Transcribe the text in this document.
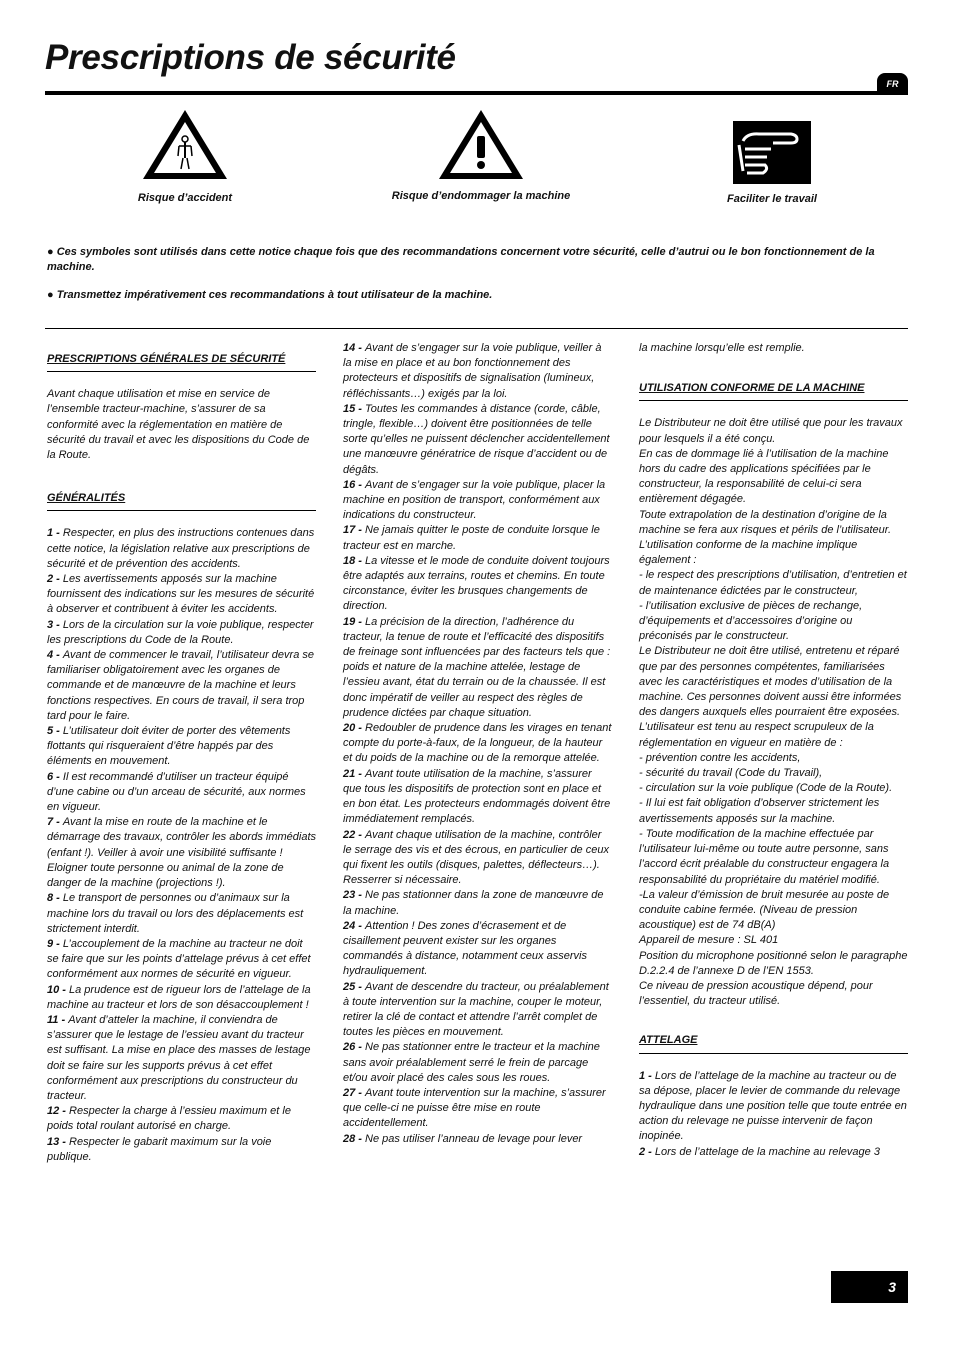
Prescriptions de sécurité
FR
Risque d’accident	Risque d’endommager la machine	Faciliter le travail

● Ces symboles sont utilisés dans cette notice chaque fois que des recommandations concernent votre sécurité, celle d’autrui ou le bon fonctionnement de la machine.

● Transmettez impérativement ces recommandations à tout utilisateur de la machine.

PRESCRIPTIONS GÉNÉRALES DE SÉCURITÉ

Avant chaque utilisation et mise en service de l’ensemble tracteur-machine, s’assurer de sa conformité avec la réglementation en matière de sécurité du travail et avec les dispositions du Code de la Route.

GÉNÉRALITÉS

1 - Respecter, en plus des instructions contenues dans cette notice, la législation relative aux prescriptions de sécurité et de prévention des accidents.

2 - Les avertissements apposés sur la machine fournissent des indications sur les mesures de sécurité à observer et contribuent à éviter les accidents.

3 - Lors de la circulation sur la voie publique, respecter les prescriptions du Code de la Route.

4 - Avant de commencer le travail, l’utilisateur devra se familiariser obligatoirement avec les organes de commande et de manœuvre de la machine et leurs fonctions respectives. En cours de travail, il sera trop tard pour le faire.

5 - L’utilisateur doit éviter de porter des vêtements flottants qui risqueraient d’être happés par des éléments en mouvement.

6 - Il est recommandé d’utiliser un tracteur équipé d’une cabine ou d’un arceau de sécurité, aux normes en vigueur.

7 - Avant la mise en route de la machine et le démarrage des travaux, contrôler les abords immédiats (enfant !). Veiller à avoir une visibilité suffisante ! Eloigner toute personne ou animal de la zone de danger de la machine (projections !).

8 - Le transport de personnes ou d’animaux sur la machine lors du travail ou lors des déplacements est strictement interdit.

9 - L’accouplement de la machine au tracteur ne doit se faire que sur les points d’attelage prévus à cet effet conformément aux normes de sécurité en vigueur.

10 - La prudence est de rigueur lors de l’attelage de la machine au tracteur et lors de son désaccouplement !

11 - Avant d’atteler la machine, il conviendra de s’assurer que le lestage de l’essieu avant du tracteur est suffisant. La mise en place des masses de lestage doit se faire sur les supports prévus à cet effet conformément aux prescriptions du constructeur du tracteur.

12 - Respecter la charge à l’essieu maximum et le poids total roulant autorisé en charge.

13 - Respecter le gabarit maximum sur la voie publique.

14 - Avant de s’engager sur la voie publique, veiller à la mise en place et au bon fonctionnement des protecteurs et dispositifs de signalisation (lumineux, réfléchissants…) exigés par la loi.

15 - Toutes les commandes à distance (corde, câble, tringle, flexible…) doivent être positionnées de telle sorte qu’elles ne puissent déclencher accidentellement une manœuvre génératrice de risque d’accident ou de dégâts.

16 - Avant de s’engager sur la voie publique, placer la machine en position de transport, conformément aux indications du constructeur.

17 - Ne jamais quitter le poste de conduite lorsque le tracteur est en marche.

18 - La vitesse et le mode de conduite doivent toujours être adaptés aux terrains, routes et chemins. En toute circonstance, éviter les brusques changements de direction.

19 - La précision de la direction, l’adhérence du tracteur, la tenue de route et l’efficacité des dispositifs de freinage sont influencées par des facteurs tels que : poids et nature de la machine attelée, lestage de l’essieu avant, état du terrain ou de la chaussée. Il est donc impératif de veiller au respect des règles de prudence dictées par chaque situation.

20 - Redoubler de prudence dans les virages en tenant compte du porte-à-faux, de la longueur, de la hauteur et du poids de la machine ou de la remorque attelée.

21 - Avant toute utilisation de la machine, s’assurer que tous les dispositifs de protection sont en place et en bon état. Les protecteurs endommagés doivent être immédiatement remplacés.

22 - Avant chaque utilisation de la machine, contrôler le serrage des vis et des écrous, en particulier de ceux qui fixent les outils (disques, palettes, déflecteurs…). Resserrer si nécessaire.

23 - Ne pas stationner dans la zone de manœuvre de la machine.

24 - Attention ! Des zones d’écrasement et de cisaillement peuvent exister sur les organes commandés à distance, notamment ceux asservis hydrauliquement.

25 - Avant de descendre du tracteur, ou préalablement à toute intervention sur la machine, couper le moteur, retirer la clé de contact et attendre l’arrêt complet de toutes les pièces en mouvement.

26 - Ne pas stationner entre le tracteur et la machine sans avoir préalablement serré le frein de parcage et/ou avoir placé des cales sous les roues.

27 - Avant toute intervention sur la machine, s’assurer que celle-ci ne puisse être mise en route accidentellement.

28 - Ne pas utiliser l’anneau de levage pour lever

la machine lorsqu’elle est remplie.

UTILISATION CONFORME DE LA MACHINE

Le Distributeur ne doit être utilisé que pour les travaux pour lesquels il a été conçu.

En cas de dommage lié à l’utilisation de la machine hors du cadre des applications spécifiées par le constructeur, la responsabilité de celui-ci sera entièrement dégagée.

Toute extrapolation de la destination d’origine de la machine se fera aux risques et périls de l’utilisateur.

L’utilisation conforme de la machine implique également :

- le respect des prescriptions d’utilisation, d’entretien et de maintenance édictées par le constructeur,

- l’utilisation exclusive de pièces de rechange, d’équipements et d’accessoires d’origine ou préconisés par le constructeur.

Le Distributeur ne doit être utilisé, entretenu et réparé que par des personnes compétentes, familiarisées avec les caractéristiques et modes d’utilisation de la machine. Ces personnes doivent aussi être informées des dangers auxquels elles pourraient être exposées.

L’utilisateur est tenu au respect scrupuleux de la réglementation en vigueur en matière de :

- prévention contre les accidents,

- sécurité du travail (Code du Travail),

- circulation sur la voie publique (Code de la Route).

- Il lui est fait obligation d’observer strictement les avertissements apposés sur la machine.

- Toute modification de la machine effectuée par l’utilisateur lui-même ou toute autre personne, sans l’accord écrit préalable du constructeur engagera la responsabilité du propriétaire du matériel modifié.

-La valeur d’émission de bruit mesurée au poste de conduite cabine fermée. (Niveau de pression acoustique) est de 74 dB(A)

Appareil de mesure : SL 401

Position du microphone positionné selon le paragraphe D.2.2.4 de l’annexe D de l’EN 1553.

Ce niveau de pression acoustique dépend, pour l’essentiel, du tracteur utilisé.

ATTELAGE

1 - Lors de l’attelage de la machine au tracteur ou de sa dépose, placer le levier de commande du relevage hydraulique dans une position telle que toute entrée en action du relevage ne puisse intervenir de façon inopinée.

2 - Lors de l’attelage de la machine au relevage 3

3
